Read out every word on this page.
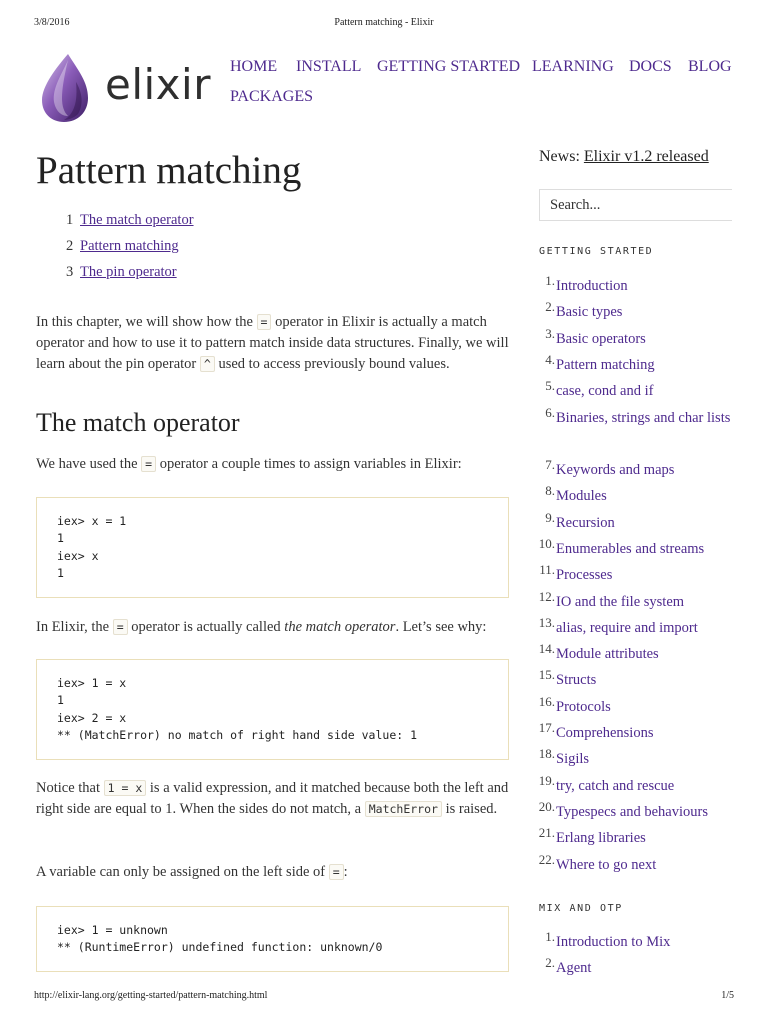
3/8/2016	Pattern matching - Elixir
elixir HOME INSTALL GETTING STARTED LEARNING DOCS BLOG
PACKAGES
Pattern matching
1 The match operator
2 Pattern matching
3 The pin operator

In this chapter, we will show how the = operator in Elixir is actually a match operator and how to use it to pattern match inside data structures. Finally, we will learn about the pin operator ^ used to access previously bound values.

The match operator

We have used the = operator a couple times to assign variables in Elixir:

iex> x = 1
1
iex> x
1

In Elixir, the = operator is actually called the match operator. Let’s see why:

iex> 1 = x
1
iex> 2 = x
** (MatchError) no match of right hand side value: 1

Notice that 1 = x is a valid expression, and it matched because both the left and right side are equal to 1. When the sides do not match, a MatchError is raised.

A variable can only be assigned on the left side of = :

iex> 1 = unknown
** (RuntimeError) undefined function: unknown/0
News: Elixir v1.2 released
Search...
GETTING STARTED
1. Introduction
2. Basic types
3. Basic operators
4. Pattern matching
5. case, cond and if
6. Binaries, strings and char lists
7. Keywords and maps
8. Modules
9. Recursion
10. Enumerables and streams
11. Processes
12. IO and the file system
13. alias, require and import
14. Module attributes
15. Structs
16. Protocols
17. Comprehensions
18. Sigils
19. try, catch and rescue
20. Typespecs and behaviours
21. Erlang libraries
22. Where to go next
MIX AND OTP
1. Introduction to Mix
2. Agent
http://elixir-lang.org/getting-started/pattern-matching.html	1/5
